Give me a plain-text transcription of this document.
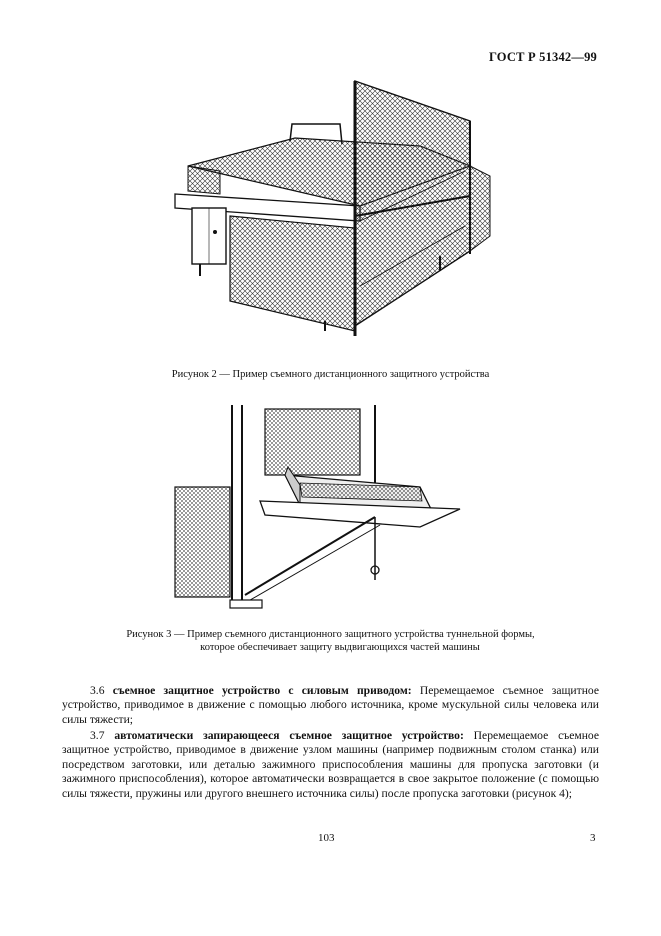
ГОСТ Р 51342—99
Рисунок 2 — Пример съемного дистанционного защитного устройства
Рисунок 3 — Пример съемного дистанционного защитного устройства туннельной формы,
которое обеспечивает защиту выдвигающихся частей машины
3.6 съемное защитное устройство с силовым приводом: Перемещаемое съемное защитное устройство, приводимое в движение с помощью любого источника, кроме мускульной силы человека или силы тяжести;
3.7 автоматически запирающееся съемное защитное устройство: Перемещаемое съемное защитное устройство, приводимое в движение узлом машины (например подвижным столом станка) или посредством заготовки, или деталью зажимного приспособления машины для пропуска заготовки (и зажимного приспособления), которое автоматически возвращается в свое закрытое положение (с помощью силы тяжести, пружины или другого внешнего источника силы) после пропуска заготовки (рисунок 4);
103	3
